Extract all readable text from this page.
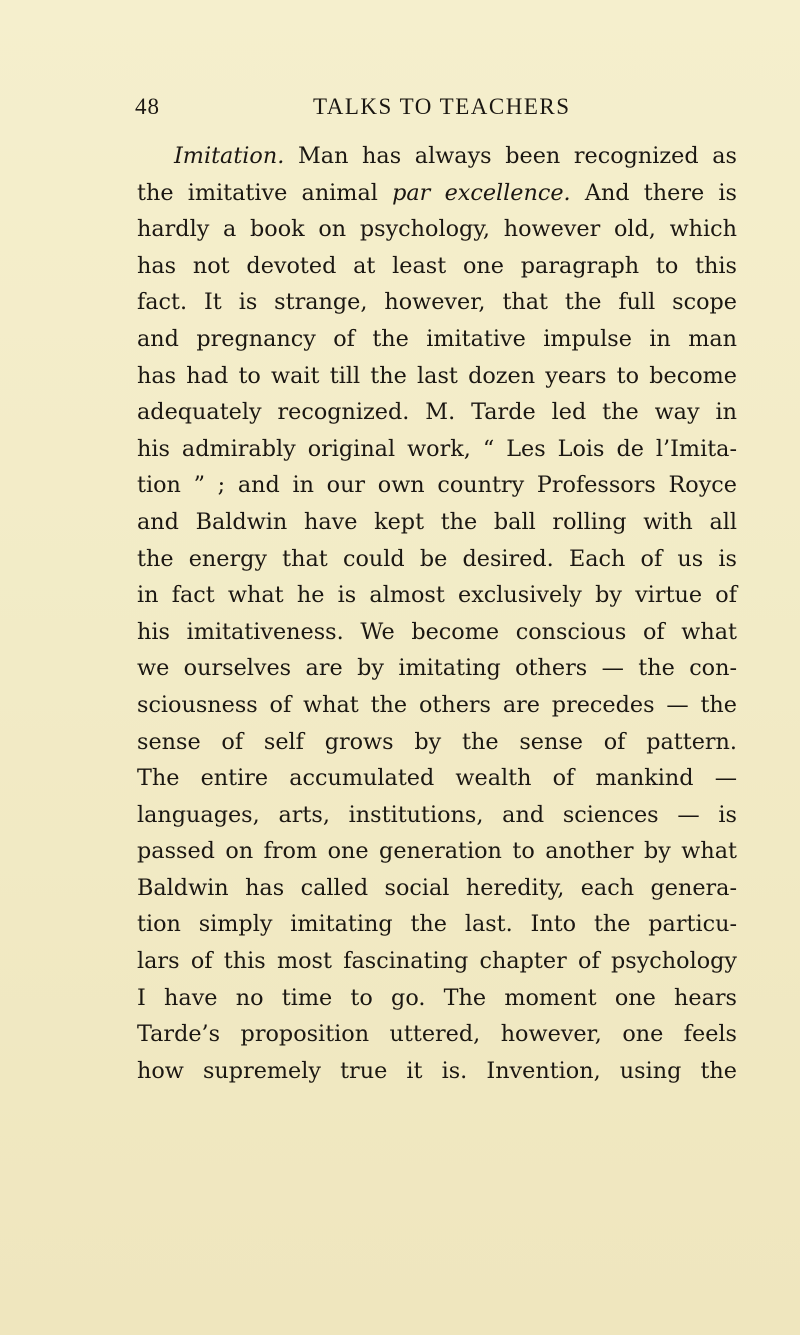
48	TALKS TO TEACHERS
Imitation. Man has always been recognized as
the imitative animal par excellence. And there is
hardly a book on psychology, however old, which
has not devoted at least one paragraph to this
fact. It is strange, however, that the full scope
and pregnancy of the imitative impulse in man
has had to wait till the last dozen years to become
adequately recognized. M. Tarde led the way in
his admirably original work, “ Les Lois de l’Imita-
tion ” ; and in our own country Professors Royce
and Baldwin have kept the ball rolling with all
the energy that could be desired. Each of us is
in fact what he is almost exclusively by virtue of
his imitativeness. We become conscious of what
we ourselves are by imitating others — the con-
sciousness of what the others are precedes — the
sense of self grows by the sense of pattern.
The entire accumulated wealth of mankind —
languages, arts, institutions, and sciences — is
passed on from one generation to another by what
Baldwin has called social heredity, each genera-
tion simply imitating the last. Into the particu-
lars of this most fascinating chapter of psychology
I have no time to go. The moment one hears
Tarde’s proposition uttered, however, one feels
how supremely true it is. Invention, using the
